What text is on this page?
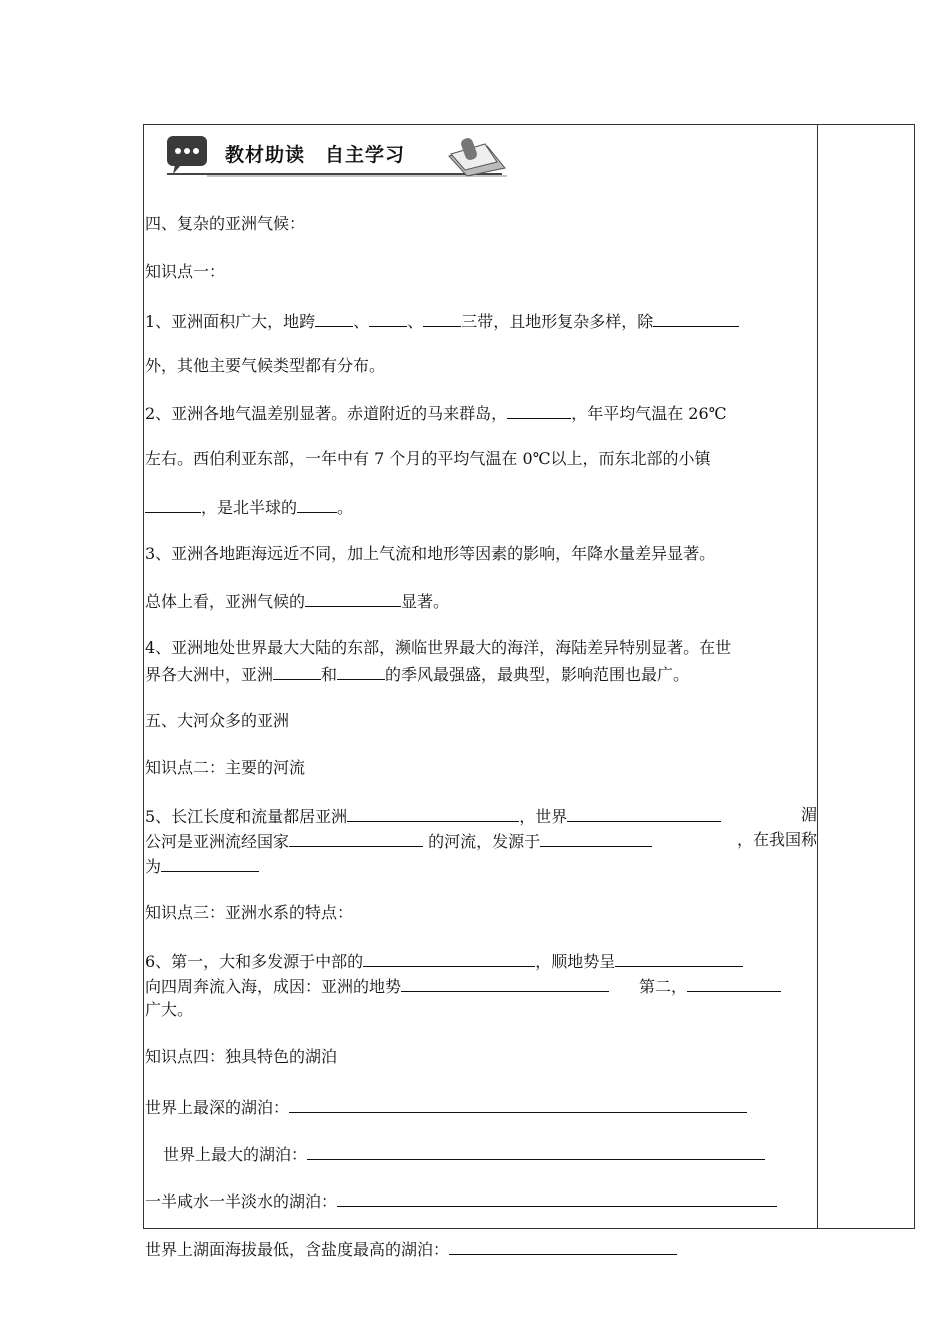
教材助读　自主学习
四、复杂的亚洲气候：
知识点一：
1、亚洲面积广大，地跨 、 、 三带，且地形复杂多样，除
外，其他主要气候类型都有分布。
2、亚洲各地气温差别显著。赤道附近的马来群岛，	，年平均气温在 26℃
左右。西伯利亚东部，一年中有 7 个月的平均气温在 0℃以上，而东北部的小镇
，是北半球的	。
3、亚洲各地距海远近不同，加上气流和地形等因素的影响，年降水量差异显著。
总体上看，亚洲气候的	显著。
4、亚洲地处世界最大大陆的东部，濒临世界最大的海洋，海陆差异特别显著。在世
界各大洲中，亚洲	和	的季风最强盛，最典型，影响范围也最广。
五、大河众多的亚洲
知识点二：主要的河流
5、长江长度和流量都居亚洲	，世界	湄
公河是亚洲流经国家	的河流，发源于	，在我国称
为
知识点三：亚洲水系的特点：
6、第一，大和多发源于中部的	，顺地势呈
向四周奔流入海，成因：亚洲的地势	第二，
广大。
知识点四：独具特色的湖泊
世界上最深的湖泊：
世界上最大的湖泊：
一半咸水一半淡水的湖泊：
世界上湖面海拔最低，含盐度最高的湖泊：
